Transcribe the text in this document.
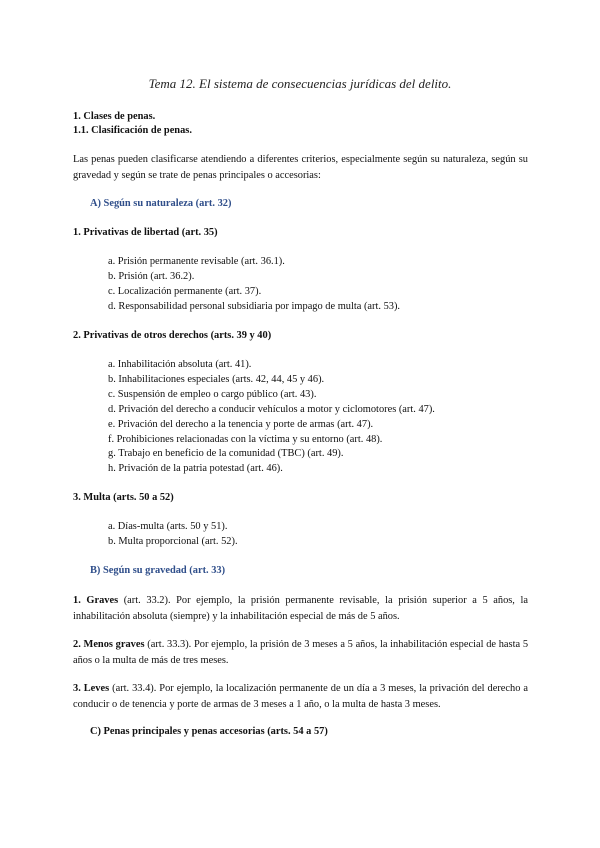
Tema 12. El sistema de consecuencias jurídicas del delito.
1. Clases de penas.
1.1. Clasificación de penas.
Las penas pueden clasificarse atendiendo a diferentes criterios, especialmente según su naturaleza, según su gravedad y según se trate de penas principales o accesorias:
A) Según su naturaleza (art. 32)
1. Privativas de libertad (art. 35)
a. Prisión permanente revisable (art. 36.1).
b. Prisión (art. 36.2).
c. Localización permanente (art. 37).
d. Responsabilidad personal subsidiaria por impago de multa (art. 53).
2. Privativas de otros derechos (arts. 39 y 40)
a. Inhabilitación absoluta (art. 41).
b. Inhabilitaciones especiales (arts. 42, 44, 45 y 46).
c. Suspensión de empleo o cargo público (art. 43).
d. Privación del derecho a conducir vehículos a motor y ciclomotores (art. 47).
e. Privación del derecho a la tenencia y porte de armas (art. 47).
f. Prohibiciones relacionadas con la víctima y su entorno (art. 48).
g. Trabajo en beneficio de la comunidad (TBC) (art. 49).
h. Privación de la patria potestad (art. 46).
3. Multa (arts. 50 a 52)
a. Días-multa (arts. 50 y 51).
b. Multa proporcional (art. 52).
B) Según su gravedad (art. 33)
1. Graves (art. 33.2). Por ejemplo, la prisión permanente revisable, la prisión superior a 5 años, la inhabilitación absoluta (siempre) y la inhabilitación especial de más de 5 años.
2. Menos graves (art. 33.3). Por ejemplo, la prisión de 3 meses a 5 años, la inhabilitación especial de hasta 5 años o la multa de más de tres meses.
3. Leves (art. 33.4). Por ejemplo, la localización permanente de un día a 3 meses, la privación del derecho a conducir o de tenencia y porte de armas de 3 meses a 1 año, o la multa de hasta 3 meses.
C) Penas principales y penas accesorias (arts. 54 a 57)
